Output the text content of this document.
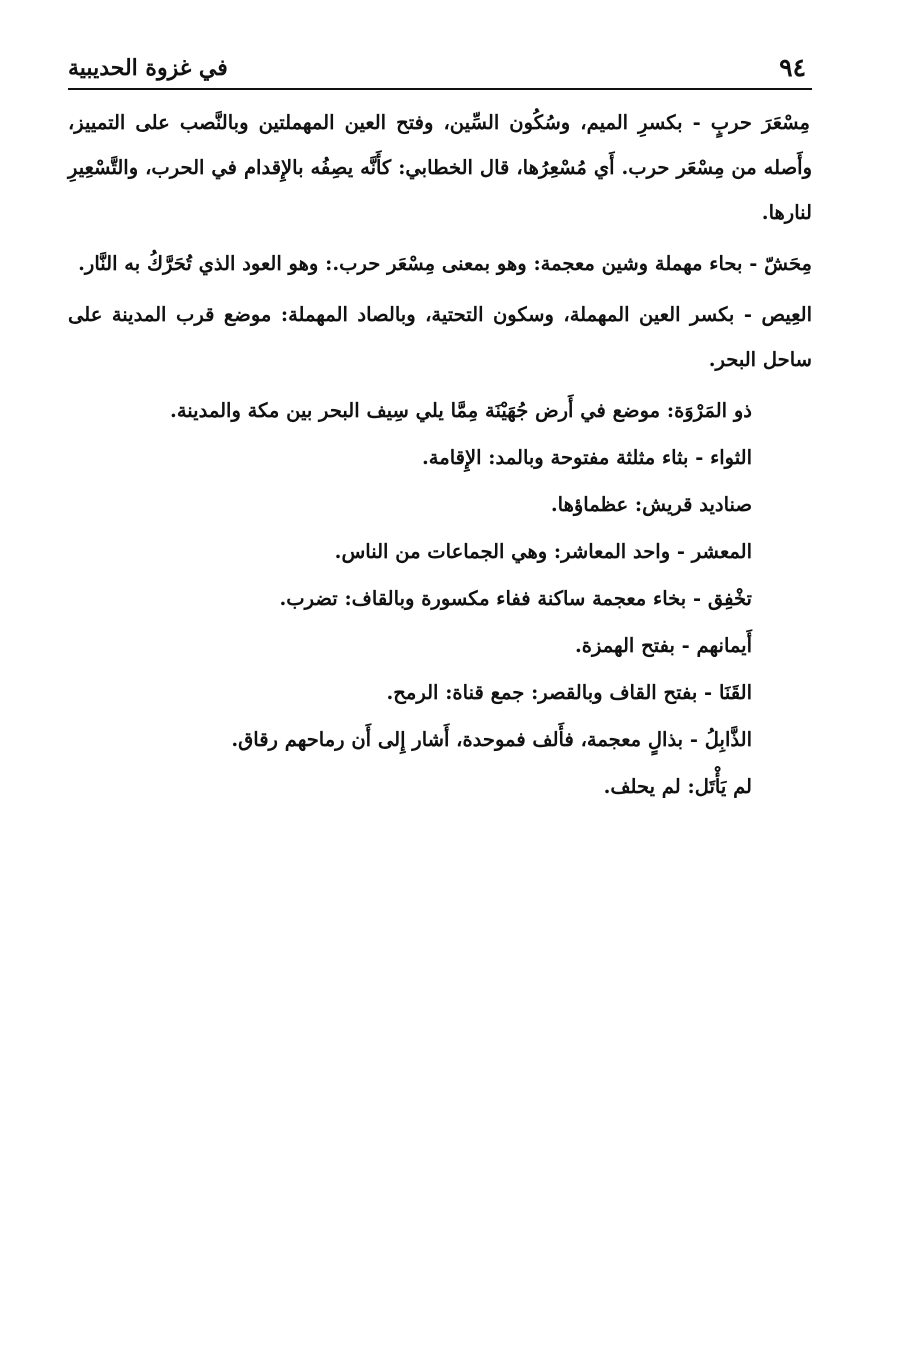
٩٤
في غزوة الحديبية

مِسْعَرَ حربٍ - بكسرِ الميم، وسُكُون السِّين، وفتح العين المهملتين وبالنَّصب على التمييز، وأَصله من مِسْعَر حرب. أَي مُسْعِرُها، قال الخطابي: كأَنَّه يصِفُه بالإِقدام في الحرب، والتَّسْعِيرِ لنارها.

مِحَشّ - بحاء مهملة وشين معجمة: وهو بمعنى مِسْعَر حرب.: وهو العود الذي تُحَرَّكُ به النَّار.

العِيص - بكسر العين المهملة، وسكون التحتية، وبالصاد المهملة: موضع قرب المدينة على ساحل البحر.

ذو المَرْوَة: موضع في أَرض جُهَيْنَة مِمَّا يلي سِيف البحر بين مكة والمدينة.

الثواء - بثاء مثلثة مفتوحة وبالمد: الإِقامة.

صناديد قريش: عظماؤها.

المعشر - واحد المعاشر: وهي الجماعات من الناس.

تخْفِق - بخاء معجمة ساكنة ففاء مكسورة وبالقاف: تضرب.

أَيمانهم - بفتح الهمزة.

القَنَا - بفتح القاف وبالقصر: جمع قناة: الرمح.

الذَّابِلُ - بذالٍ معجمة، فأَلف فموحدة، أَشار إِلى أَن رماحهم رقاق.

لم يَأْتَل: لم يحلف.
